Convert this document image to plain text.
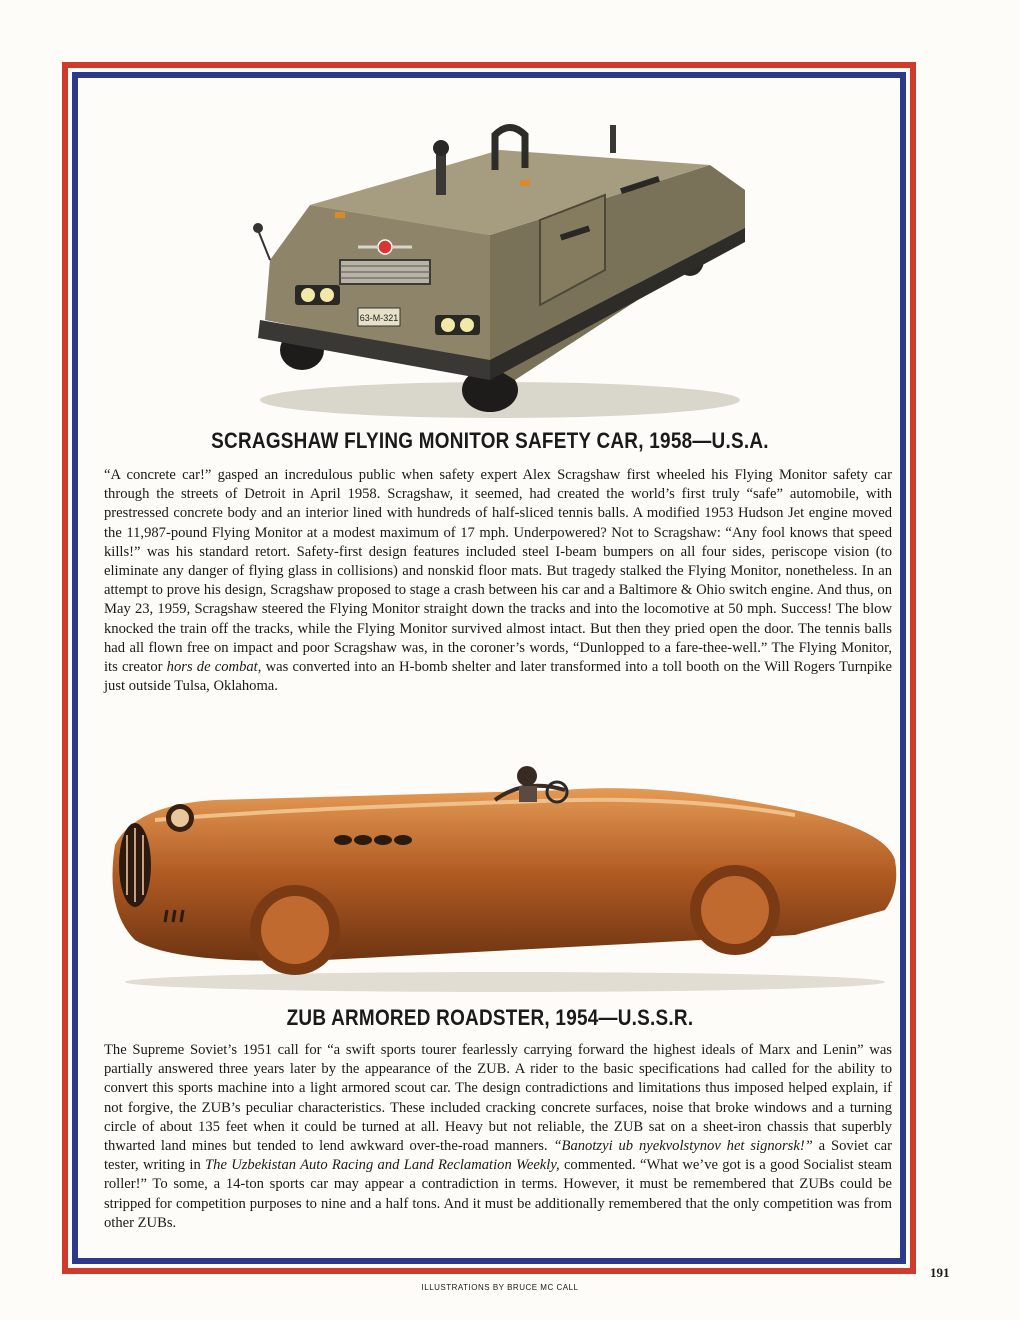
63-M-321
SCRAGSHAW FLYING MONITOR SAFETY CAR, 1958—U.S.A.

“A concrete car!” gasped an incredulous public when safety expert Alex Scragshaw first wheeled his Flying Monitor safety car through the streets of Detroit in April 1958. Scragshaw, it seemed, had created the world’s first truly “safe” automobile, with prestressed concrete body and an interior lined with hundreds of half-sliced tennis balls. A modified 1953 Hudson Jet engine moved the 11,987-pound Flying Monitor at a modest maximum of 17 mph. Underpowered? Not to Scragshaw: “Any fool knows that speed kills!” was his standard retort. Safety-first design features included steel I-beam bumpers on all four sides, periscope vision (to eliminate any danger of flying glass in collisions) and nonskid floor mats. But tragedy stalked the Flying Monitor, nonetheless. In an attempt to prove his design, Scragshaw proposed to stage a crash between his car and a Baltimore & Ohio switch engine. And thus, on May 23, 1959, Scragshaw steered the Flying Monitor straight down the tracks and into the locomotive at 50 mph. Success! The blow knocked the train off the tracks, while the Flying Monitor survived almost intact. But then they pried open the door. The tennis balls had all flown free on impact and poor Scragshaw was, in the coroner’s words, “Dunlopped to a fare-thee-well.” The Flying Monitor, its creator hors de combat, was converted into an H-bomb shelter and later transformed into a toll booth on the Will Rogers Turnpike just outside Tulsa, Oklahoma.

ZUB ARMORED ROADSTER, 1954—U.S.S.R.

The Supreme Soviet’s 1951 call for “a swift sports tourer fearlessly carrying forward the highest ideals of Marx and Lenin” was partially answered three years later by the appearance of the ZUB. A rider to the basic specifications had called for the ability to convert this sports machine into a light armored scout car. The design contradictions and limitations thus imposed helped explain, if not forgive, the ZUB’s peculiar characteristics. These included cracking concrete surfaces, noise that broke windows and a turning circle of about 135 feet when it could be turned at all. Heavy but not reliable, the ZUB sat on a sheet-iron chassis that superbly thwarted land mines but tended to lend awkward over-the-road manners. “Banotzyi ub nyekvolstynov het signorsk!” a Soviet car tester, writing in The Uzbekistan Auto Racing and Land Reclamation Weekly, commented. “What we’ve got is a good Socialist steam roller!” To some, a 14-ton sports car may appear a contradiction in terms. However, it must be remembered that ZUBs could be stripped for competition purposes to nine and a half tons. And it must be additionally remembered that the only competition was from other ZUBs.

191
ILLUSTRATIONS BY BRUCE MC CALL
